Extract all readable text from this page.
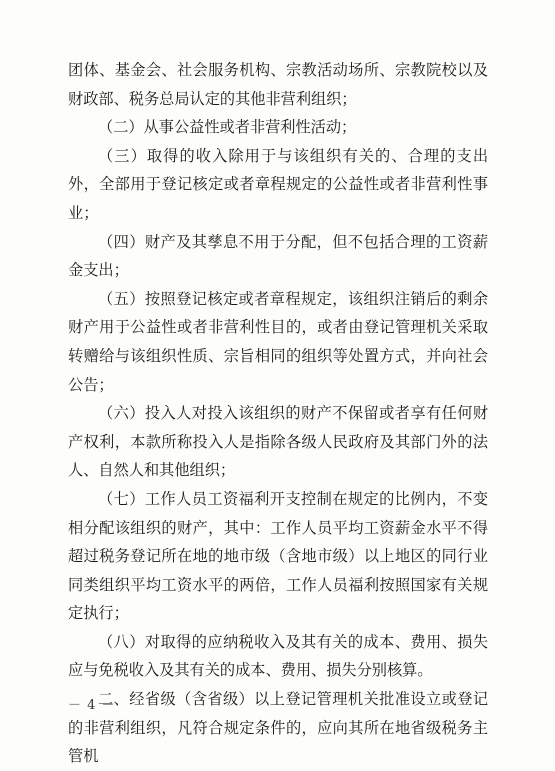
团体、基金会、社会服务机构、宗教活动场所、宗教院校以及财政部、税务总局认定的其他非营利组织；

（二）从事公益性或者非营利性活动；

（三）取得的收入除用于与该组织有关的、合理的支出外，全部用于登记核定或者章程规定的公益性或者非营利性事业；

（四）财产及其孳息不用于分配，但不包括合理的工资薪金支出；

（五）按照登记核定或者章程规定，该组织注销后的剩余财产用于公益性或者非营利性目的，或者由登记管理机关采取转赠给与该组织性质、宗旨相同的组织等处置方式，并向社会公告；

（六）投入人对投入该组织的财产不保留或者享有任何财产权利，本款所称投入人是指除各级人民政府及其部门外的法人、自然人和其他组织；

（七）工作人员工资福利开支控制在规定的比例内，不变相分配该组织的财产，其中：工作人员平均工资薪金水平不得超过税务登记所在地的地市级（含地市级）以上地区的同行业同类组织平均工资水平的两倍，工作人员福利按照国家有关规定执行；

（八）对取得的应纳税收入及其有关的成本、费用、损失应与免税收入及其有关的成本、费用、损失分别核算。

二、经省级（含省级）以上登记管理机关批准设立或登记的非营利组织，凡符合规定条件的，应向其所在地省级税务主管机

－ 4 －
